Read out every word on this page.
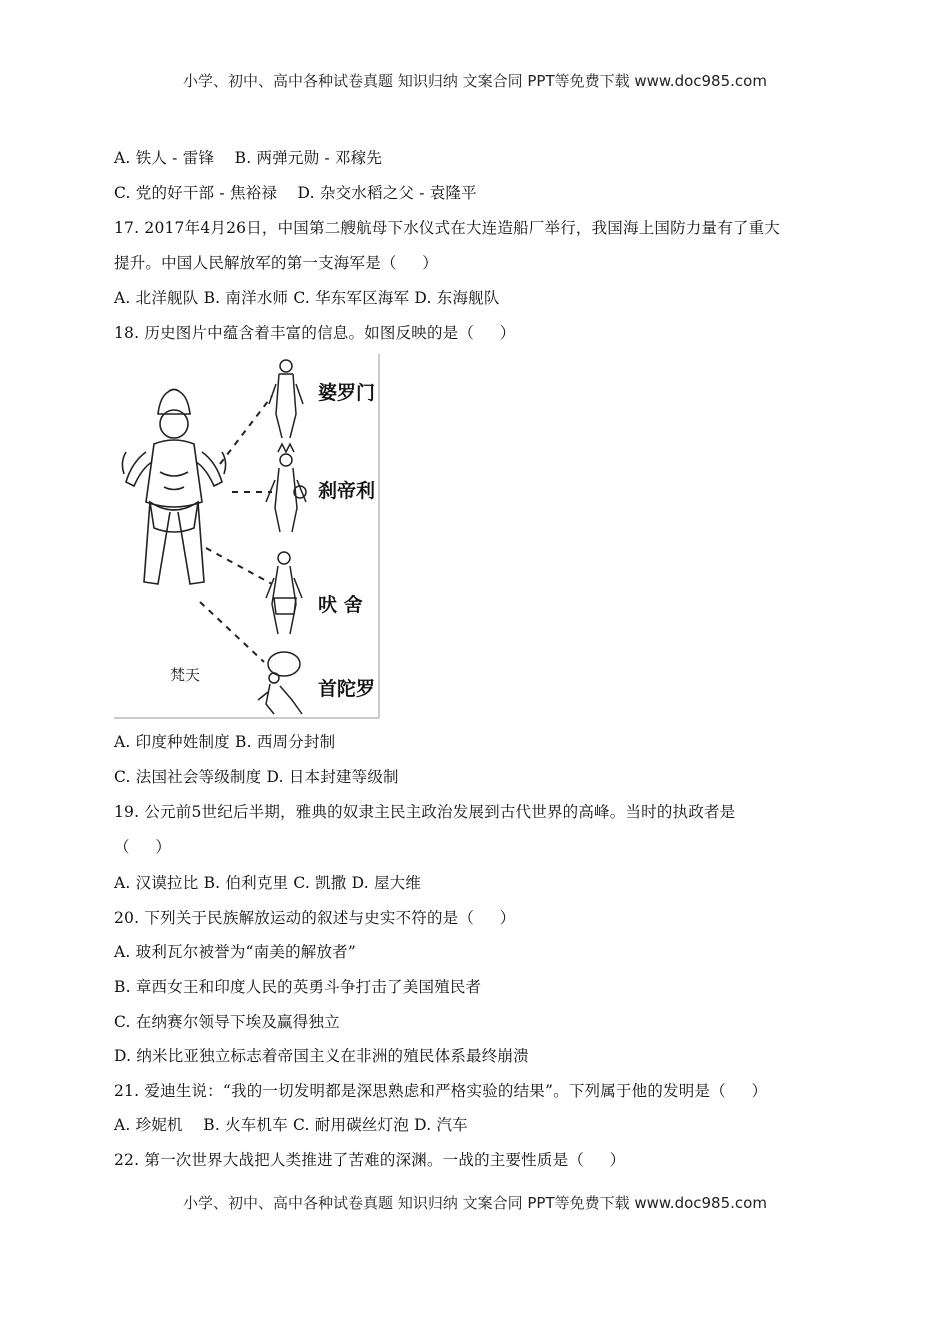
小学、初中、高中各种试卷真题 知识归纳 文案合同 PPT等免费下载 www.doc985.com
A. 铁人 - 雷锋    B. 两弹元勋 - 邓稼先
C. 党的好干部 - 焦裕禄    D. 杂交水稻之父 - 袁隆平
17. 2017年4月26日，中国第二艘航母下水仪式在大连造船厂举行，我国海上国防力量有了重大
提升。中国人民解放军的第一支海军是（     ）
A. 北洋舰队 B. 南洋水师 C. 华东军区海军 D. 东海舰队
18. 历史图片中蕴含着丰富的信息。如图反映的是（     ）
婆罗门
刹帝利
吠 舍
首陀罗
梵天
A. 印度种姓制度 B. 西周分封制
C. 法国社会等级制度 D. 日本封建等级制
19. 公元前5世纪后半期，雅典的奴隶主民主政治发展到古代世界的高峰。当时的执政者是
（     ）
A. 汉谟拉比 B. 伯利克里 C. 凯撒 D. 屋大维
20. 下列关于民族解放运动的叙述与史实不符的是（     ）
A. 玻利瓦尔被誉为“南美的解放者”
B. 章西女王和印度人民的英勇斗争打击了美国殖民者
C. 在纳赛尔领导下埃及赢得独立
D. 纳米比亚独立标志着帝国主义在非洲的殖民体系最终崩溃
21. 爱迪生说：“我的一切发明都是深思熟虑和严格实验的结果”。下列属于他的发明是（     ）
A. 珍妮机    B. 火车机车 C. 耐用碳丝灯泡 D. 汽车
22. 第一次世界大战把人类推进了苦难的深渊。一战的主要性质是（     ）
小学、初中、高中各种试卷真题 知识归纳 文案合同 PPT等免费下载 www.doc985.com
